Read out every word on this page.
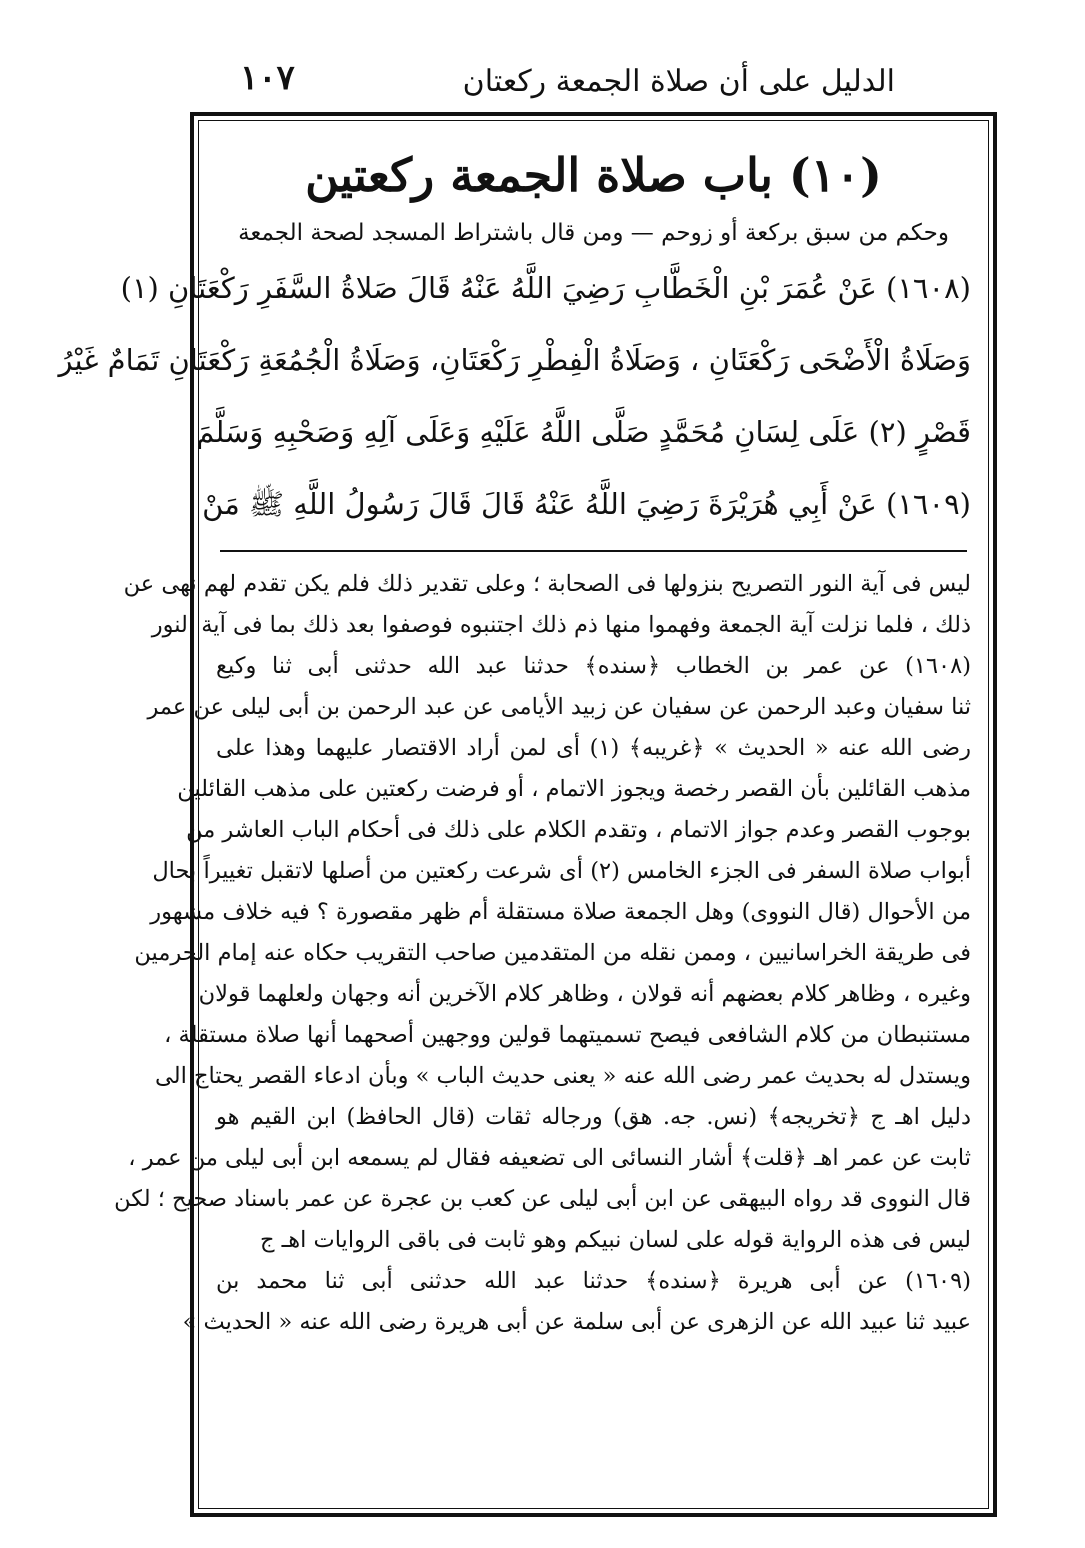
١٠٧	الدليل على أن صلاة الجمعة ركعتان
(١٠) باب صلاة الجمعة ركعتين
وحكم من سبق بركعة أو زوحم — ومن قال باشتراط المسجد لصحة الجمعة
(١٦٠٨) عَنْ عُمَرَ بْنِ الْخَطَّابِ رَضِيَ اللَّهُ عَنْهُ قَالَ صَلاةُ السَّفَرِ رَكْعَتَانِ (١)
وَصَلَاةُ الْأَضْحَى رَكْعَتَانِ ، وَصَلَاةُ الْفِطْرِ رَكْعَتَانِ، وَصَلَاةُ الْجُمُعَةِ رَكْعَتَانِ تَمَامٌ غَيْرُ
قَصْرٍ (٢) عَلَى لِسَانِ مُحَمَّدٍ صَلَّى اللَّهُ عَلَيْهِ وَعَلَى آلِهِ وَصَحْبِهِ وَسَلَّمَ
(١٦٠٩) عَنْ أَبِي هُرَيْرَةَ رَضِيَ اللَّهُ عَنْهُ قَالَ قَالَ رَسُولُ اللَّهِ ﷺ مَنْ
ليس فى آية النور التصريح بنزولها فى الصحابة ؛ وعلى تقدير ذلك فلم يكن تقدم لهم نهى عن
ذلك ، فلما نزلت آية الجمعة وفهموا منها ذم ذلك اجتنبوه فوصفوا بعد ذلك بما فى آية النور
(١٦٠٨) عن عمر بن الخطاب ﴿سنده﴾ حدثنا عبد الله حدثنى أبى ثنا وكيع
ثنا سفيان وعبد الرحمن عن سفيان عن زبيد الأيامى عن عبد الرحمن بن أبى ليلى عن عمر
رضى الله عنه « الحديث » ﴿غريبه﴾ (١) أى لمن أراد الاقتصار عليهما وهذا على
مذهب القائلين بأن القصر رخصة ويجوز الاتمام ، أو فرضت ركعتين على مذهب القائلين
بوجوب القصر وعدم جواز الاتمام ، وتقدم الكلام على ذلك فى أحكام الباب العاشر من
أبواب صلاة السفر فى الجزء الخامس (٢) أى شرعت ركعتين من أصلها لاتقبل تغييراً بحال
من الأحوال (قال النووى) وهل الجمعة صلاة مستقلة أم ظهر مقصورة ؟ فيه خلاف مشهور
فى طريقة الخراسانيين ، وممن نقله من المتقدمين صاحب التقريب حكاه عنه إمام الحرمين
وغيره ، وظاهر كلام بعضهم أنه قولان ، وظاهر كلام الآخرين أنه وجهان ولعلهما قولان
مستنبطان من كلام الشافعى فيصح تسميتهما قولين ووجهين أصحهما أنها صلاة مستقلة ،
ويستدل له بحديث عمر رضى الله عنه « يعنى حديث الباب » وبأن ادعاء القصر يحتاج الى
دليل اهـ ج ﴿تخريجه﴾ (نس. جه. هق) ورجاله ثقات (قال الحافظ) ابن القيم هو
ثابت عن عمر اهـ ﴿قلت﴾ أشار النسائى الى تضعيفه فقال لم يسمعه ابن أبى ليلى من عمر ،
قال النووى قد رواه البيهقى عن ابن أبى ليلى عن كعب بن عجرة عن عمر باسناد صحيح ؛ لكن
ليس فى هذه الرواية قوله على لسان نبيكم وهو ثابت فى باقى الروايات اهـ ج
(١٦٠٩) عن أبى هريرة ﴿سنده﴾ حدثنا عبد الله حدثنى أبى ثنا محمد بن
عبيد ثنا عبيد الله عن الزهرى عن أبى سلمة عن أبى هريرة رضى الله عنه « الحديث »
